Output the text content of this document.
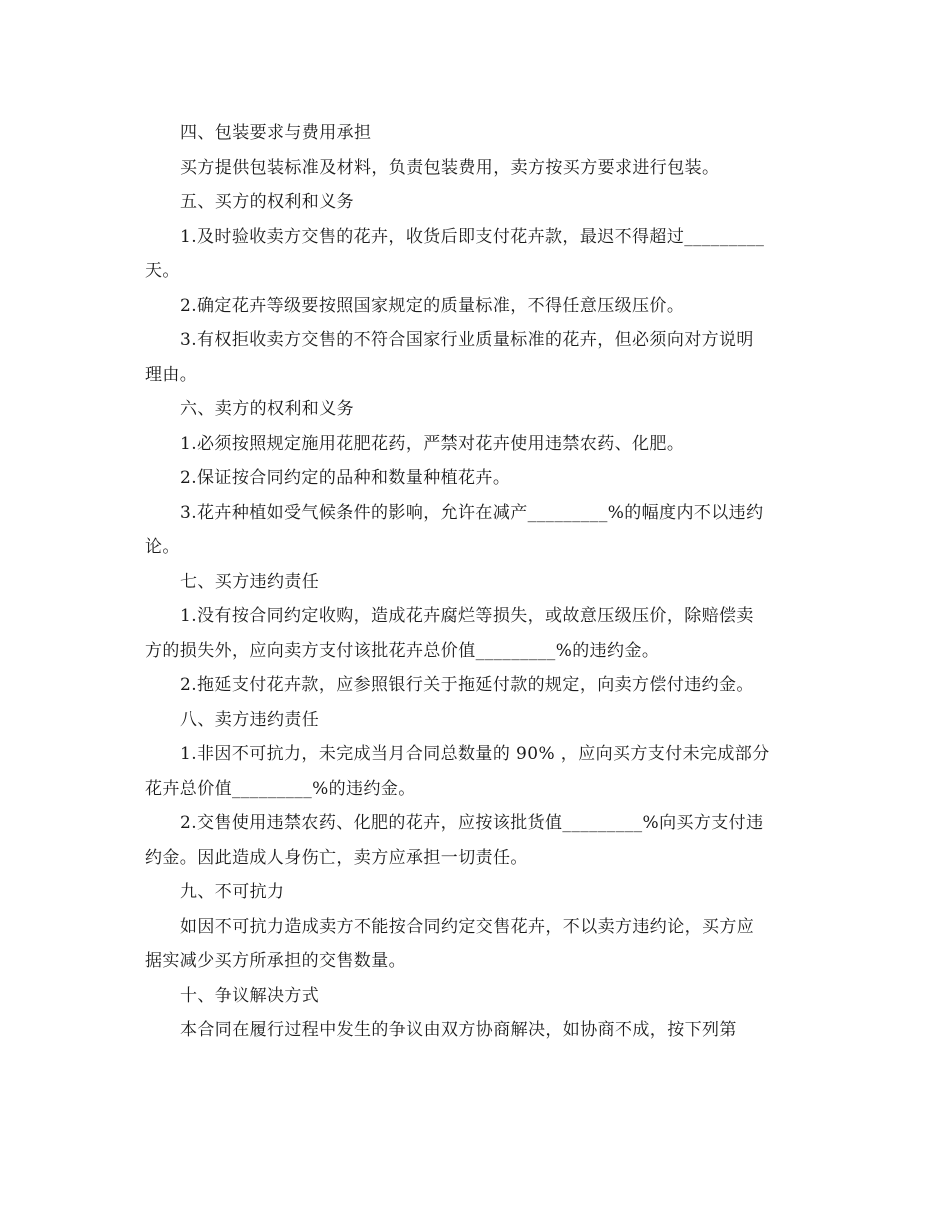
四、包装要求与费用承担

买方提供包装标准及材料，负责包装费用，卖方按买方要求进行包装。

五、买方的权利和义务

1.及时验收卖方交售的花卉，收货后即支付花卉款，最迟不得超过_________

天。

2.确定花卉等级要按照国家规定的质量标准，不得任意压级压价。

3.有权拒收卖方交售的不符合国家行业质量标准的花卉，但必须向对方说明

理由。

六、卖方的权利和义务

1.必须按照规定施用花肥花药，严禁对花卉使用违禁农药、化肥。

2.保证按合同约定的品种和数量种植花卉。

3.花卉种植如受气候条件的影响，允许在减产_________%的幅度内不以违约

论。

七、买方违约责任

1.没有按合同约定收购，造成花卉腐烂等损失，或故意压级压价，除赔偿卖

方的损失外，应向卖方支付该批花卉总价值_________%的违约金。

2.拖延支付花卉款，应参照银行关于拖延付款的规定，向卖方偿付违约金。

八、卖方违约责任

1.非因不可抗力，未完成当月合同总数量的 90% ，应向买方支付未完成部分

花卉总价值_________%的违约金。

2.交售使用违禁农药、化肥的花卉，应按该批货值_________%向买方支付违

约金。因此造成人身伤亡，卖方应承担一切责任。

九、不可抗力

如因不可抗力造成卖方不能按合同约定交售花卉，不以卖方违约论，买方应

据实减少买方所承担的交售数量。

十、争议解决方式

本合同在履行过程中发生的争议由双方协商解决，如协商不成，按下列第
